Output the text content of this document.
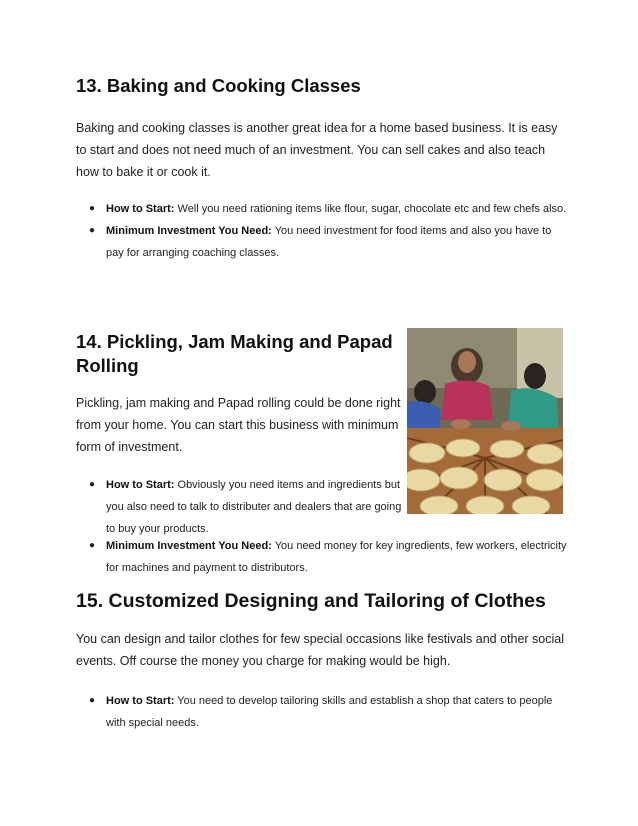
13. Baking and Cooking Classes

Baking and cooking classes is another great idea for a home based business. It is easy to start and does not need much of an investment. You can sell cakes and also teach how to bake it or cook it.

● How to Start: Well you need rationing items like flour, sugar, chocolate etc and few chefs also.
● Minimum Investment You Need: You need investment for food items and also you have to pay for arranging coaching classes.
14. Pickling, Jam Making and Papad Rolling

Pickling, jam making and Papad rolling could be done right from your home. You can start this business with minimum form of investment.

● How to Start: Obviously you need items and ingredients but you also need to talk to distributer and dealers that are going to buy your products.
● Minimum Investment You Need: You need money for key ingredients, few workers, electricity for machines and payment to distributors.
15. Customized Designing and Tailoring of Clothes

You can design and tailor clothes for few special occasions like festivals and other social events. Off course the money you charge for making would be high.

● How to Start: You need to develop tailoring skills and establish a shop that caters to people with special needs.
